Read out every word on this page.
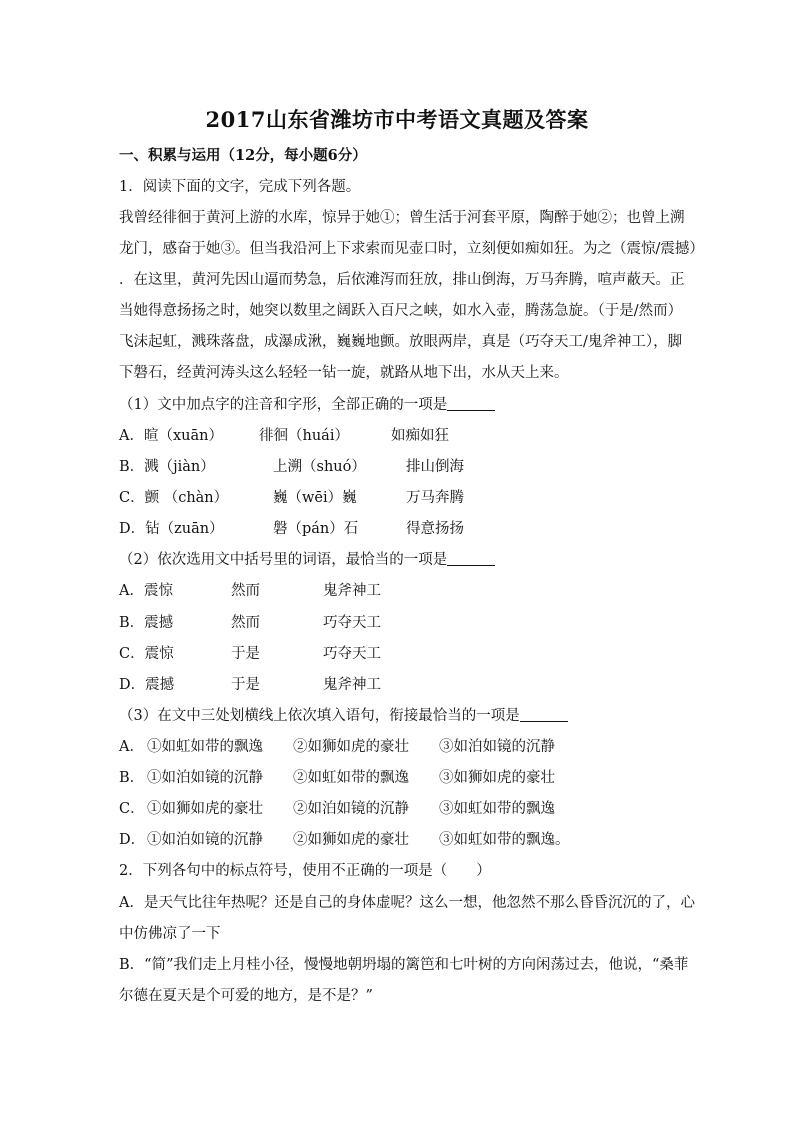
2017山东省潍坊市中考语文真题及答案
一、积累与运用（12分，每小题6分）
1．阅读下面的文字，完成下列各题。
我曾经徘徊于黄河上游的水库，惊异于她①；曾生活于河套平原，陶醉于她②；也曾上溯
龙门，感奋于她③。但当我沿河上下求索而见壶口时，立刻便如痴如狂。为之（震惊/震撼）
．在这里，黄河先因山逼而势急，后依滩泻而狂放，排山倒海，万马奔腾，喧声蔽天。正
当她得意扬扬之时，她突以数里之阔跃入百尺之峡，如水入壶，腾荡急旋。（于是/然而）
飞沫起虹，溅珠落盘，成瀑成湫，巍巍地颤。放眼两岸，真是（巧夺天工/鬼斧神工），脚
下磐石，经黄河涛头这么轻轻一钻一旋，就路从地下出，水从天上来。
（1）文中加点字的注音和字形，全部正确的一项是
A．暄（xuān） 徘徊（huái）	如痴如狂
B．溅（jiàn）	上溯（shuó）	排山倒海
C．颤 （chàn）	巍（wēi）巍	万马奔腾
D．钻（zuān）	磐（pán）石	得意扬扬
（2）依次选用文中括号里的词语，最恰当的一项是
A．震惊	然而	鬼斧神工
B．震撼	然而	巧夺天工
C．震惊	于是	巧夺天工
D．震撼	于是	鬼斧神工
（3）在文中三处划横线上依次填入语句，衔接最恰当的一项是
A． ①如虹如带的飘逸 ②如狮如虎的豪壮 ③如泊如镜的沉静
B． ①如泊如镜的沉静 ②如虹如带的飘逸 ③如狮如虎的豪壮
C． ①如狮如虎的豪壮 ②如泊如镜的沉静 ③如虹如带的飘逸
D． ①如泊如镜的沉静 ②如狮如虎的豪壮 ③如虹如带的飘逸。
2．下列各句中的标点符号，使用不正确的一项是（　　）
A．是天气比往年热呢？还是自己的身体虚呢？这么一想，他忽然不那么昏昏沉沉的了，心
中仿佛凉了一下
B．“简”我们走上月桂小径，慢慢地朝坍塌的篱笆和七叶树的方向闲荡过去，他说，“桑菲
尔德在夏天是个可爱的地方，是不是？”
